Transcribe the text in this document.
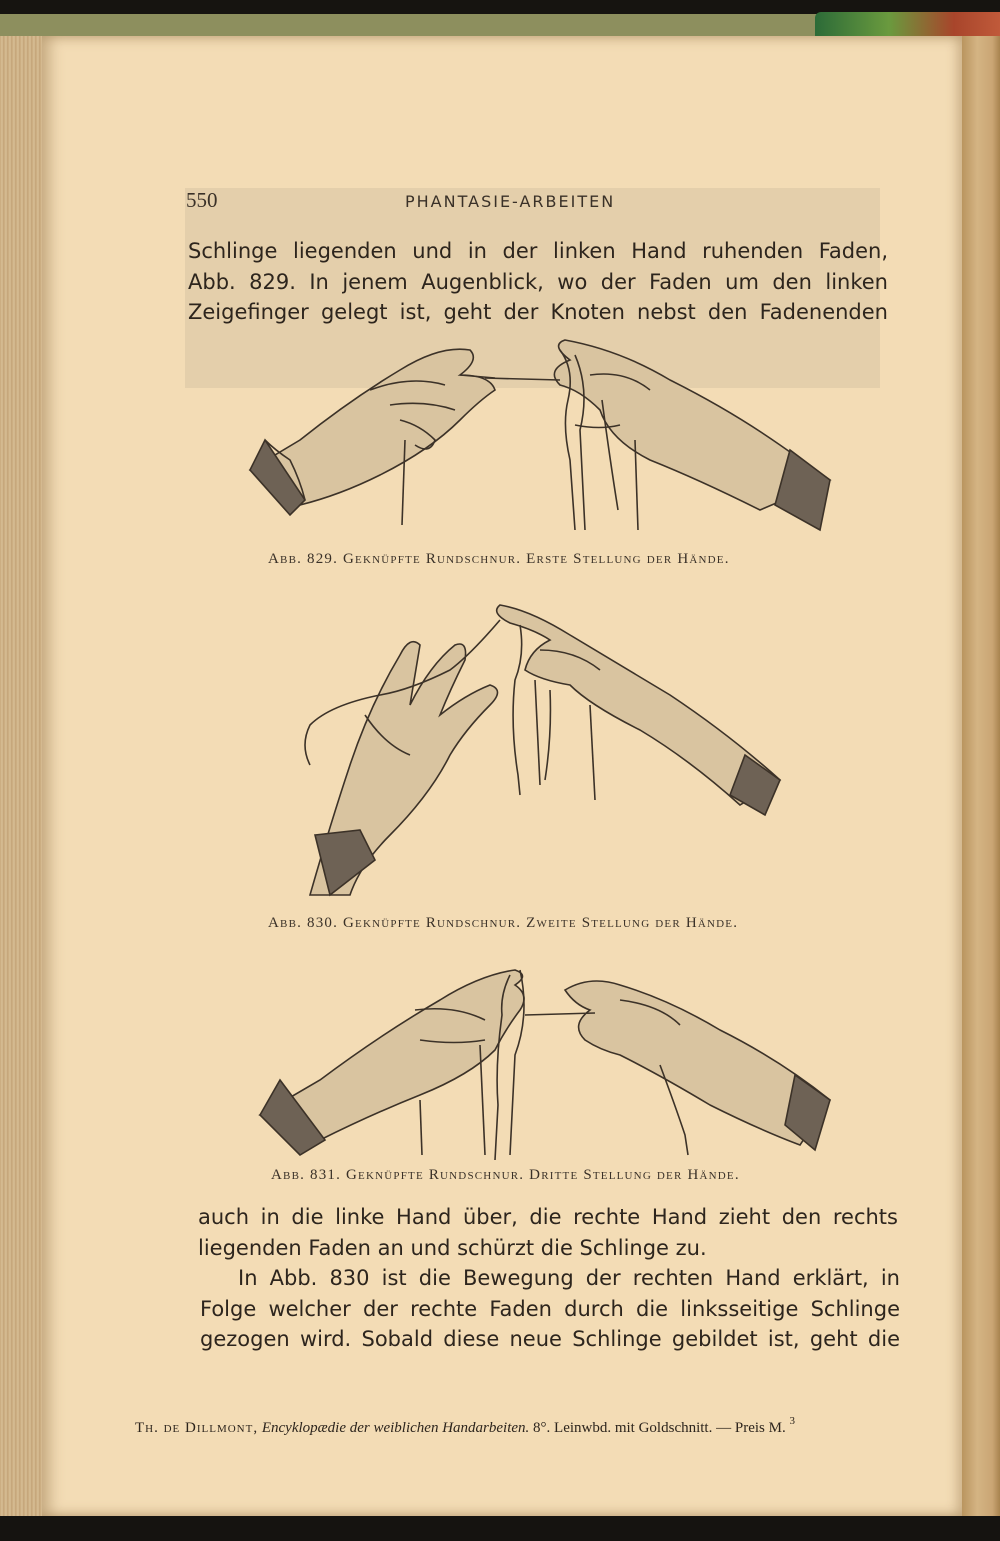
550	PHANTASIE-ARBEITEN
Schlinge liegenden und in der linken Hand ruhenden Faden,
Abb. 829. In jenem Augenblick, wo der Faden um den linken
Zeigefinger gelegt ist, geht der Knoten nebst den Fadenenden
Abb. 829. Geknüpfte Rundschnur. Erste Stellung der Hände.
Abb. 830. Geknüpfte Rundschnur. Zweite Stellung der Hände.
Abb. 831. Geknüpfte Rundschnur. Dritte Stellung der Hände.
auch in die linke Hand über, die rechte Hand zieht den rechts
liegenden Faden an und schürzt die Schlinge zu.
In Abb. 830 ist die Bewegung der rechten Hand erklärt, in
Folge welcher der rechte Faden durch die linksseitige Schlinge
gezogen wird. Sobald diese neue Schlinge gebildet ist, geht die
Th. de Dillmont, Encyklopædie der weiblichen Handarbeiten. 8°. Leinwbd. mit Goldschnitt. — Preis M. $^3$
